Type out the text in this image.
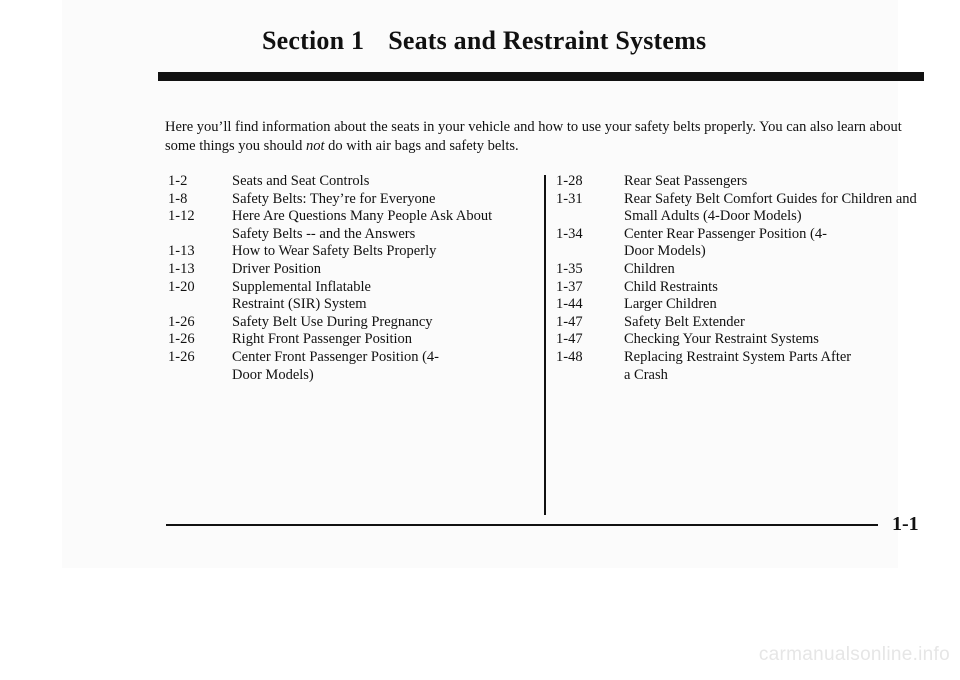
Section 1 Seats and Restraint Systems

Here you’ll find information about the seats in your vehicle and how to use your safety belts properly. You can also learn about some things you should not do with air bags and safety belts.

1-2	Seats and Seat Controls
1-8	Safety Belts: They’re for Everyone
1-12	Here Are Questions Many People Ask About Safety Belts -- and the Answers
1-13	How to Wear Safety Belts Properly
1-13	Driver Position
1-20	Supplemental Inflatable Restraint (SIR) System
1-26	Safety Belt Use During Pregnancy
1-26	Right Front Passenger Position
1-26	Center Front Passenger Position (4-Door Models)
1-28	Rear Seat Passengers
1-31	Rear Safety Belt Comfort Guides for Children and Small Adults (4-Door Models)
1-34	Center Rear Passenger Position (4-Door Models)
1-35	Children
1-37	Child Restraints
1-44	Larger Children
1-47	Safety Belt Extender
1-47	Checking Your Restraint Systems
1-48	Replacing Restraint System Parts After a Crash
1-1
carmanualsonline.info
